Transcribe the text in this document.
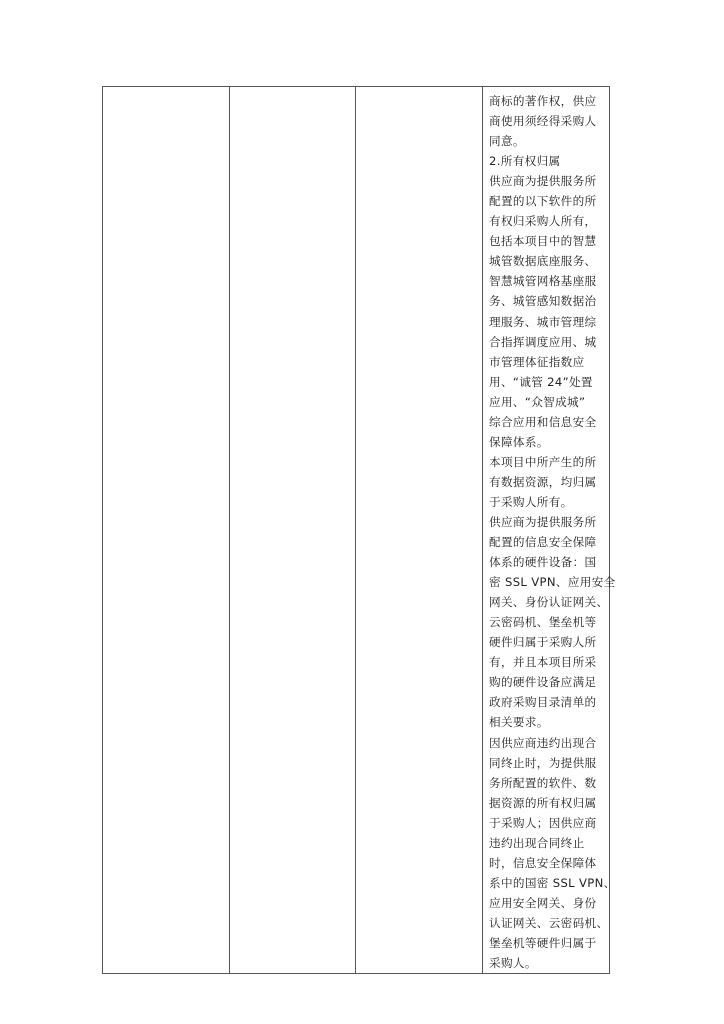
商标的著作权，供应
商使用须经得采购人
同意。
2.所有权归属
供应商为提供服务所
配置的以下软件的所
有权归采购人所有，
包括本项目中的智慧
城管数据底座服务、
智慧城管网格基座服
务、城管感知数据治
理服务、城市管理综
合指挥调度应用、城
市管理体征指数应
用、“诚管 24”处置
应用、“众智成城”
综合应用和信息安全
保障体系。
本项目中所产生的所
有数据资源，均归属
于采购人所有。
供应商为提供服务所
配置的信息安全保障
体系的硬件设备：国
密 SSL VPN、应用安全
网关、身份认证网关、
云密码机、堡垒机等
硬件归属于采购人所
有，并且本项目所采
购的硬件设备应满足
政府采购目录清单的
相关要求。
因供应商违约出现合
同终止时，为提供服
务所配置的软件、数
据资源的所有权归属
于采购人；因供应商
违约出现合同终止
时，信息安全保障体
系中的国密 SSL VPN、
应用安全网关、身份
认证网关、云密码机、
堡垒机等硬件归属于
采购人。
